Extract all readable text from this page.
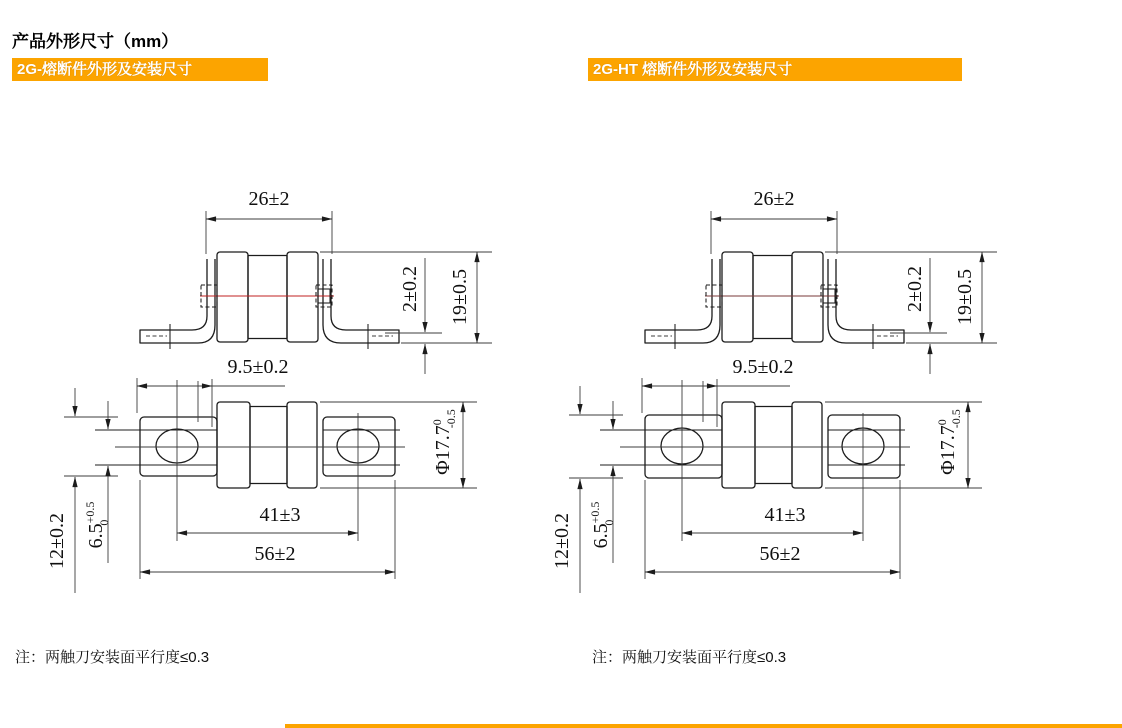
产品外形尺寸（mm）
2G-熔断件外形及安装尺寸	2G-HT 熔断件外形及安装尺寸
26±2
2±0.2 19±0.5
9.5±0.2
Φ17.7$^0$-0.5
41±3
56±2
12±0.2 $6.5^{+0.5}0$
26±2
2±0.2 19±0.5
9.5±0.2
Φ17.7$^0$-0.5
41±3
56±2
12±0.2 $6.5^{+0.5}0$
注：两触刀安装面平行度≤0.3	注：两触刀安装面平行度≤0.3
